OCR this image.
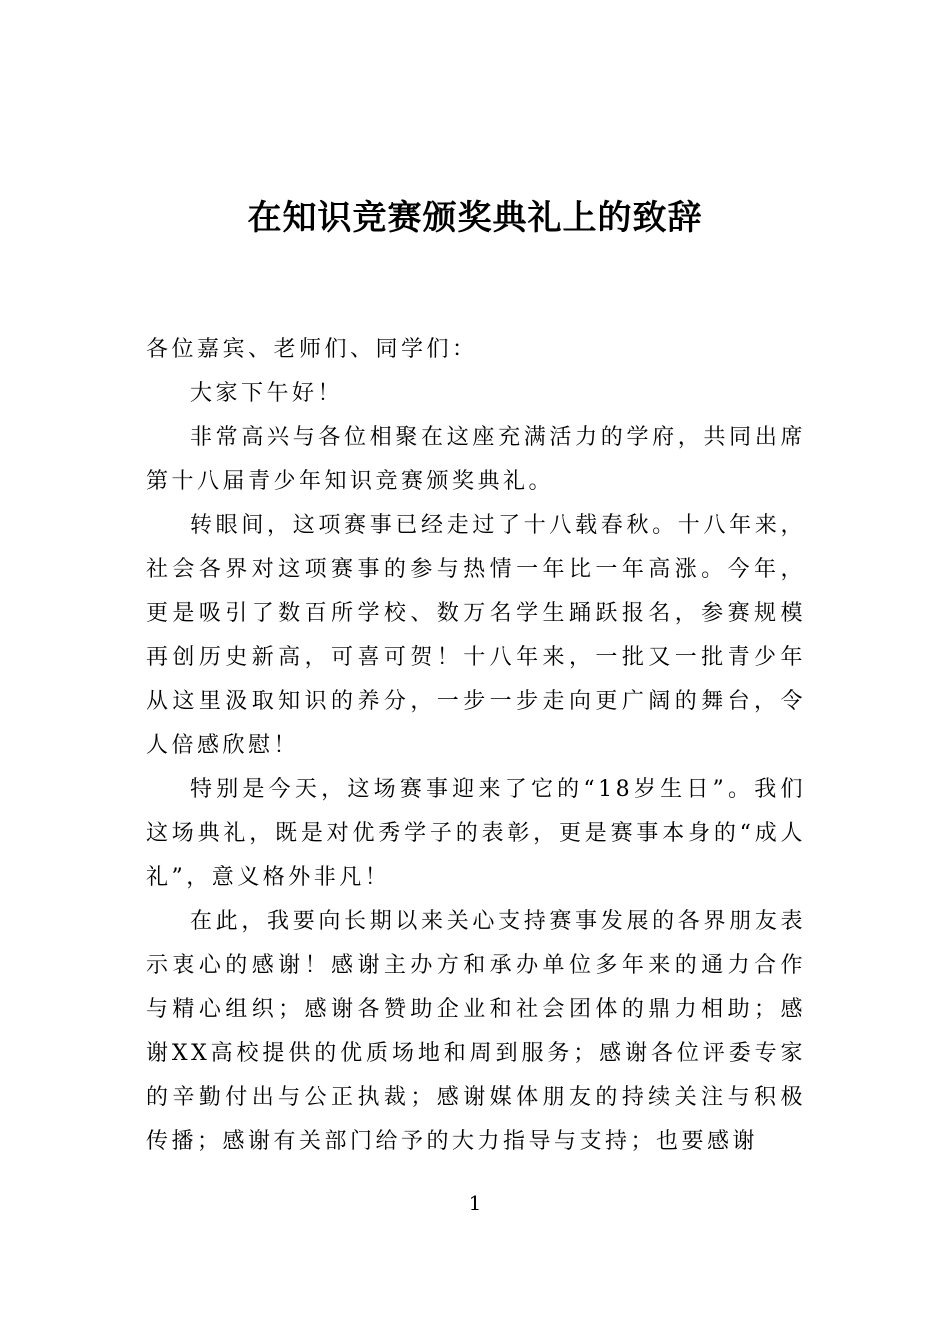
在知识竞赛颁奖典礼上的致辞

各位嘉宾、老师们、同学们：

大家下午好！

非常高兴与各位相聚在这座充满活力的学府，共同出席第十八届青少年知识竞赛颁奖典礼。

转眼间，这项赛事已经走过了十八载春秋。十八年来，社会各界对这项赛事的参与热情一年比一年高涨。今年，更是吸引了数百所学校、数万名学生踊跃报名，参赛规模再创历史新高，可喜可贺！十八年来，一批又一批青少年从这里汲取知识的养分，一步一步走向更广阔的舞台，令人倍感欣慰！

特别是今天，这场赛事迎来了它的“18岁生日”。我们这场典礼，既是对优秀学子的表彰，更是赛事本身的“成人礼”，意义格外非凡！

在此，我要向长期以来关心支持赛事发展的各界朋友表示衷心的感谢！感谢主办方和承办单位多年来的通力合作与精心组织；感谢各赞助企业和社会团体的鼎力相助；感谢XX高校提供的优质场地和周到服务；感谢各位评委专家的辛勤付出与公正执裁；感谢媒体朋友的持续关注与积极传播；感谢有关部门给予的大力指导与支持；也要感谢

1
